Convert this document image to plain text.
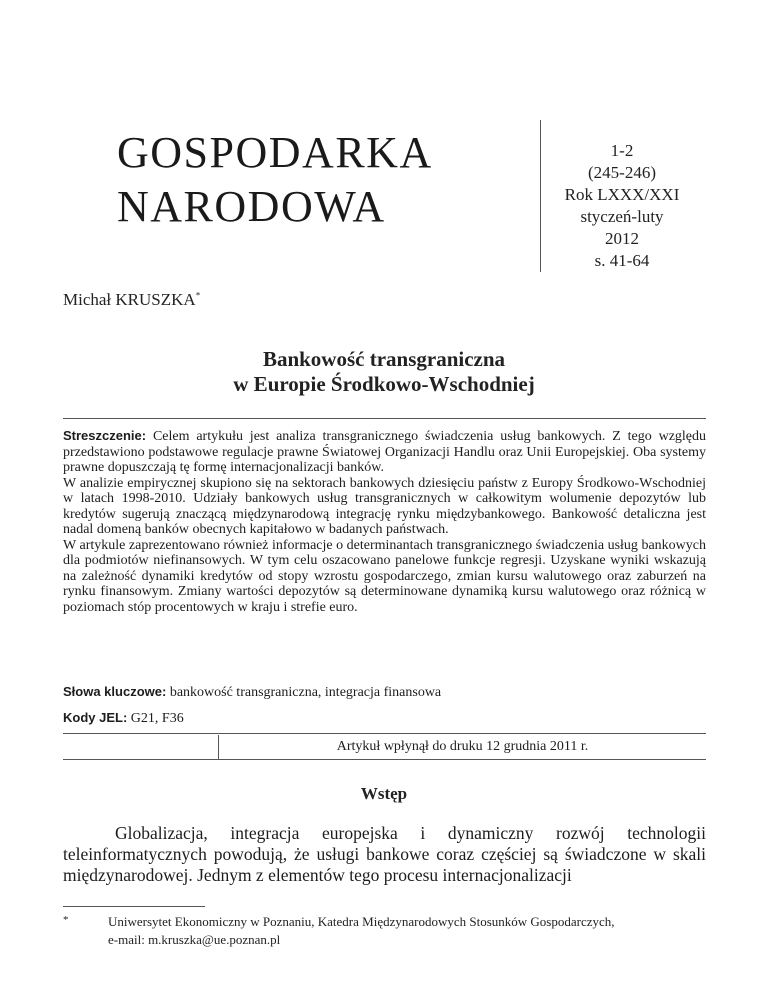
GOSPODARKA
NARODOWA
1-2
(245-246)
Rok LXXX/XXI
styczeń-luty
2012
s. 41-64
Michał KRUSZKA*
Bankowość transgraniczna
w Europie Środkowo-Wschodniej

Streszczenie: Celem artykułu jest analiza transgranicznego świadczenia usług bankowych. Z tego względu przedstawiono podstawowe regulacje prawne Światowej Organizacji Handlu oraz Unii Europejskiej. Oba systemy prawne dopuszczają tę formę internacjonalizacji banków.

W analizie empirycznej skupiono się na sektorach bankowych dziesięciu państw z Europy Środkowo-Wschodniej w latach 1998-2010. Udziały bankowych usług transgranicznych w całkowitym wolumenie depozytów lub kredytów sugerują znaczącą międzynarodową integrację rynku międzybankowego. Bankowość detaliczna jest nadal domeną banków obecnych kapitałowo w badanych państwach.

W artykule zaprezentowano również informacje o determinantach transgranicznego świadczenia usług bankowych dla podmiotów niefinansowych. W tym celu oszacowano panelowe funkcje regresji. Uzyskane wyniki wskazują na zależność dynamiki kredytów od stopy wzrostu gospodarczego, zmian kursu walutowego oraz zaburzeń na rynku finansowym. Zmiany wartości depozytów są determinowane dynamiką kursu walutowego oraz różnicą w poziomach stóp procentowych w kraju i strefie euro.

Słowa kluczowe: bankowość transgraniczna, integracja finansowa
Kody JEL: G21, F36
Artykuł wpłynął do druku 12 grudnia 2011 r.
Wstęp
Globalizacja, integracja europejska i dynamiczny rozwój technologii teleinformatycznych powodują, że usługi bankowe coraz częściej są świadczone w skali międzynarodowej. Jednym z elementów tego procesu internacjonalizacji
*	Uniwersytet Ekonomiczny w Poznaniu, Katedra Międzynarodowych Stosunków Gospodarczych,
e-mail: m.kruszka@ue.poznan.pl
